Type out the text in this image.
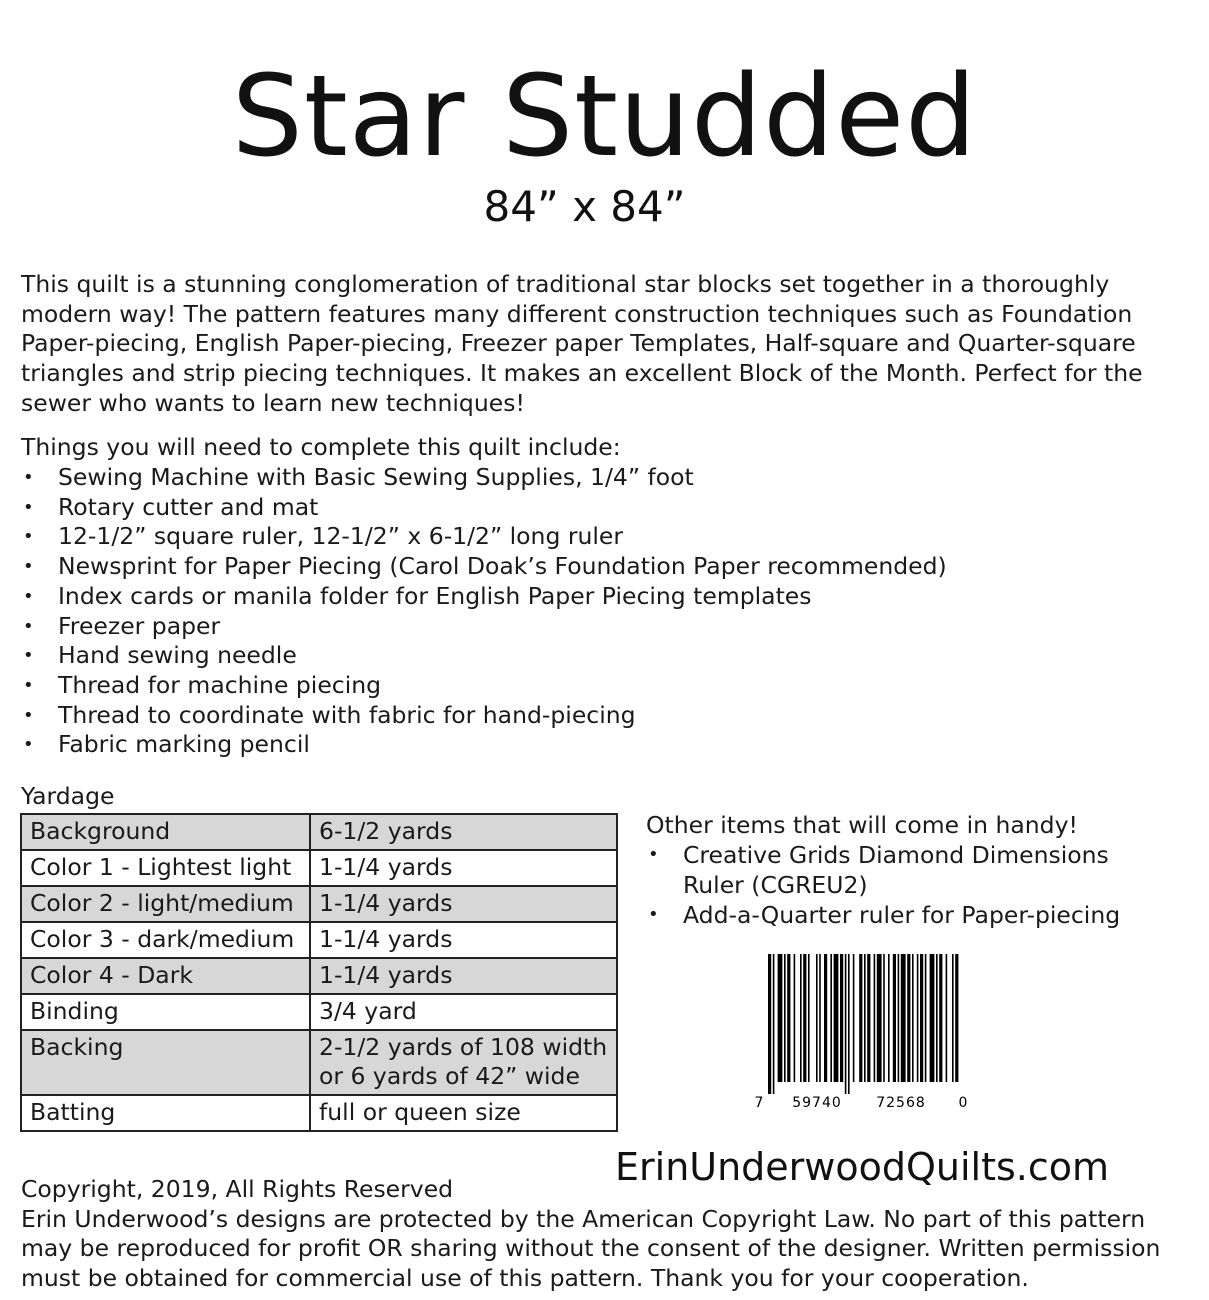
Star Studded
84” x 84”

This quilt is a stunning conglomeration of traditional star blocks set together in a thoroughly modern way! The pattern features many different construction techniques such as Foundation Paper-piecing, English Paper-piecing, Freezer paper Templates, Half-square and Quarter-square triangles and strip piecing techniques. It makes an excellent Block of the Month. Perfect for the sewer who wants to learn new techniques!

Things you will need to complete this quilt include:
• Sewing Machine with Basic Sewing Supplies, 1/4” foot
• Rotary cutter and mat
• 12-1/2” square ruler, 12-1/2” x 6-1/2” long ruler
• Newsprint for Paper Piecing (Carol Doak’s Foundation Paper recommended)
• Index cards or manila folder for English Paper Piecing templates
• Freezer paper
• Hand sewing needle
• Thread for machine piecing
• Thread to coordinate with fabric for hand-piecing
• Fabric marking pencil
Yardage
Background	6-1/2 yards
Color 1 - Lightest light	1-1/4 yards
Color 2 - light/medium	1-1/4 yards
Color 3 - dark/medium	1-1/4 yards
Color 4 - Dark	1-1/4 yards
Binding	3/4 yard
Backing	2-1/2 yards of 108 width or 6 yards of 42” wide
Batting	full or queen size
Other items that will come in handy!
• Creative Grids Diamond Dimensions Ruler (CGREU2)
• Add-a-Quarter ruler for Paper-piecing
7 59740 72568 0
ErinUnderwoodQuilts.com
Copyright, 2019, All Rights Reserved
Erin Underwood’s designs are protected by the American Copyright Law. No part of this pattern may be reproduced for profit OR sharing without the consent of the designer. Written permission must be obtained for commercial use of this pattern. Thank you for your cooperation.
